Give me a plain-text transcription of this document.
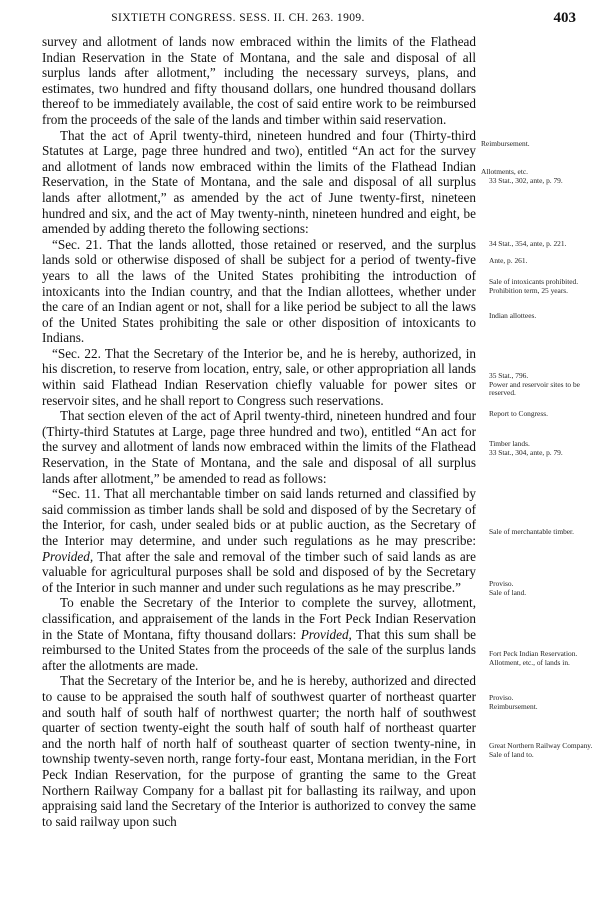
SIXTIETH CONGRESS. SESS. II. CH. 263. 1909.	403

survey and allotment of lands now embraced within the limits of the Flathead Indian Reservation in the State of Montana, and the sale and disposal of all surplus lands after allotment,” including the necessary surveys, plans, and estimates, two hundred and fifty thousand dollars, one hundred thousand dollars thereof to be immediately available, the cost of said entire work to be reimbursed from the proceeds of the sale of the lands and timber within said reservation.

That the act of April twenty-third, nineteen hundred and four (Thirty-third Statutes at Large, page three hundred and two), entitled “An act for the survey and allotment of lands now embraced within the limits of the Flathead Indian Reservation, in the State of Montana, and the sale and disposal of all surplus lands after allotment,” as amended by the act of June twenty-first, nineteen hundred and six, and the act of May twenty-ninth, nineteen hundred and eight, be amended by adding thereto the following sections:

“Sec. 21. That the lands allotted, those retained or reserved, and the surplus lands sold or otherwise disposed of shall be subject for a period of twenty-five years to all the laws of the United States prohibiting the introduction of intoxicants into the Indian country, and that the Indian allottees, whether under the care of an Indian agent or not, shall for a like period be subject to all the laws of the United States prohibiting the sale or other disposition of intoxicants to Indians.

“Sec. 22. That the Secretary of the Interior be, and he is hereby, authorized, in his discretion, to reserve from location, entry, sale, or other appropriation all lands within said Flathead Indian Reservation chiefly valuable for power sites or reservoir sites, and he shall report to Congress such reservations.

That section eleven of the act of April twenty-third, nineteen hundred and four (Thirty-third Statutes at Large, page three hundred and two), entitled “An act for the survey and allotment of lands now embraced within the limits of the Flathead Reservation, in the State of Montana, and the sale and disposal of all surplus lands after allotment,” be amended to read as follows:

“Sec. 11. That all merchantable timber on said lands returned and classified by said commission as timber lands shall be sold and disposed of by the Secretary of the Interior, for cash, under sealed bids or at public auction, as the Secretary of the Interior may determine, and under such regulations as he may prescribe: Provided, That after the sale and removal of the timber such of said lands as are valuable for agricultural purposes shall be sold and disposed of by the Secretary of the Interior in such manner and under such regulations as he may prescribe.”

To enable the Secretary of the Interior to complete the survey, allotment, classification, and appraisement of the lands in the Fort Peck Indian Reservation in the State of Montana, fifty thousand dollars: Provided, That this sum shall be reimbursed to the United States from the proceeds of the sale of the surplus lands after the allotments are made.

That the Secretary of the Interior be, and he is hereby, authorized and directed to cause to be appraised the south half of southwest quarter of northeast quarter and south half of south half of northwest quarter; the north half of southwest quarter of section twenty-eight the south half of south half of northeast quarter and the north half of north half of southeast quarter of section twenty-nine, in township twenty-seven north, range forty-four east, Montana meridian, in the Fort Peck Indian Reservation, for the purpose of granting the same to the Great Northern Railway Company for a ballast pit for ballasting its railway, and upon appraising said land the Secretary of the Interior is authorized to convey the same to said railway upon such

Reimbursement.
Allotments, etc.
33 Stat., 302, ante, p. 79.
34 Stat., 354, ante, p. 221.
Ante, p. 261.
Sale of intoxicants prohibited.
Prohibition term, 25 years.
Indian allottees.
35 Stat., 796.
Power and reservoir sites to be reserved.
Report to Congress.
Timber lands.
33 Stat., 304, ante, p. 79.
Sale of merchantable timber.
Proviso.
Sale of land.
Fort Peck Indian Reservation.
Allotment, etc., of lands in.
Proviso.
Reimbursement.
Great Northern Railway Company.
Sale of land to.
